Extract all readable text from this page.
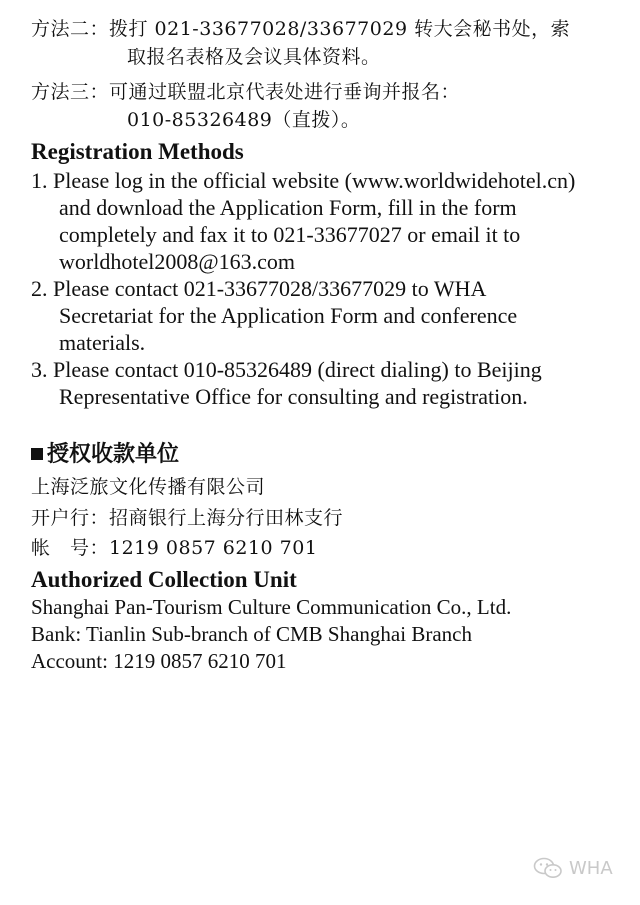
方法二：拨打 021-33677028/33677029 转大会秘书处，索

取报名表格及会议具体资料。

方法三：可通过联盟北京代表处进行垂询并报名：

010-85326489（直拨）。

Registration Methods

1. Please log in the official website (www.worldwidehotel.cn)

and download the Application Form, fill in the form

completely and fax it to 021-33677027 or email it to

worldhotel2008@163.com

2. Please contact 021-33677028/33677029 to WHA

Secretariat for the Application Form and conference

materials.

3. Please contact 010-85326489 (direct dialing) to Beijing

Representative Office for consulting and registration.

授权收款单位

上海泛旅文化传播有限公司

开户行：招商银行上海分行田林支行

帐　号：1219 0857 6210 701

Authorized Collection Unit

Shanghai Pan-Tourism Culture Communication Co., Ltd.

Bank: Tianlin Sub-branch of CMB Shanghai Branch

Account: 1219 0857 6210 701

WHA
